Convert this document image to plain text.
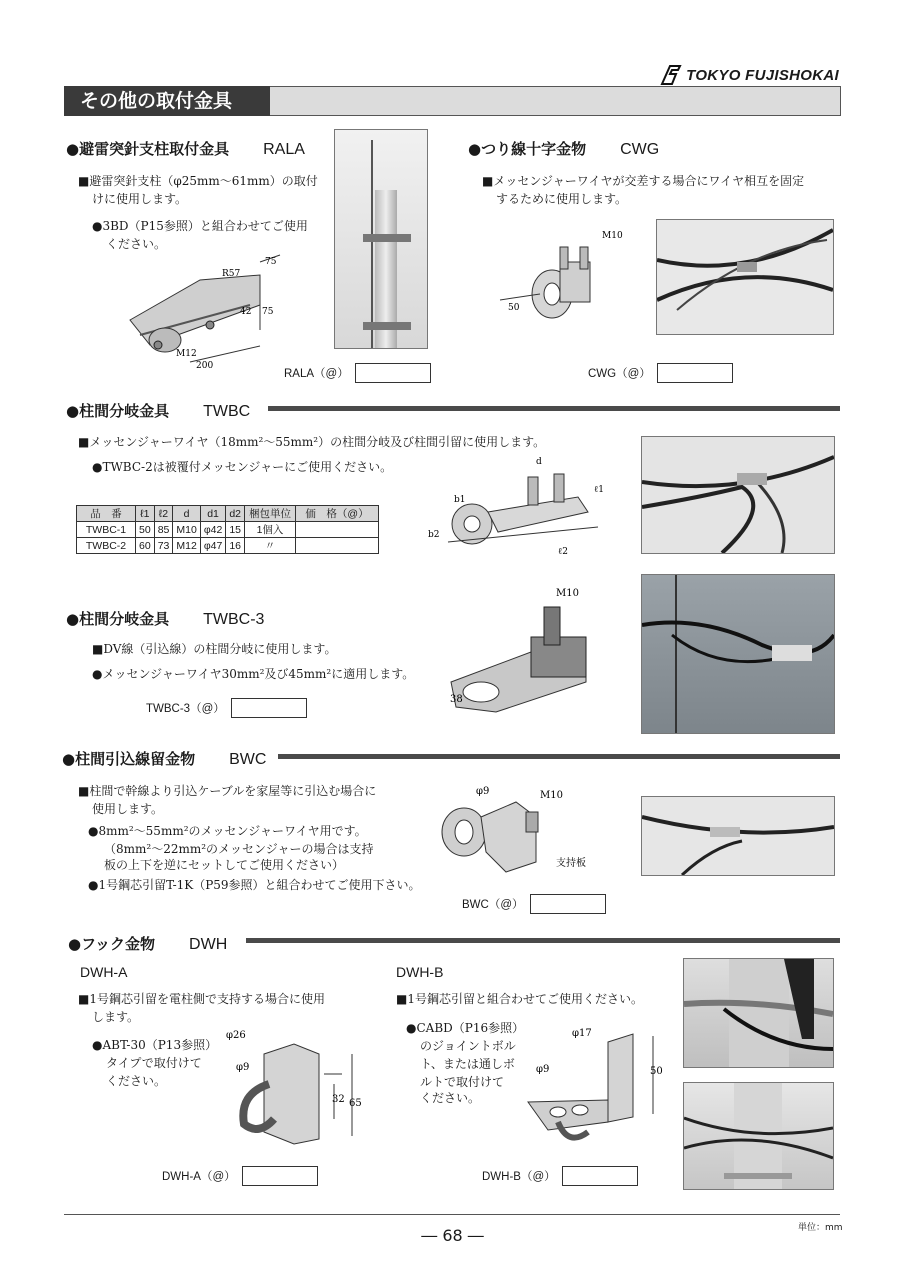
TOKYO FUJISHOKAI
その他の取付金具
●避雷突針支柱取付金具 RALA
■避雷突針支柱（φ25mm～61mm）の取付
けに使用します。
●3BD（P15参照）と組合わせてご使用
ください。
75
R57
42 75
M12
200
RALA（@）
●つり線十字金物 CWG
■メッセンジャーワイヤが交差する場合にワイヤ相互を固定
するために使用します。
M10
50
CWG（@）
●柱間分岐金具 TWBC
■メッセンジャーワイヤ（18mm²～55mm²）の柱間分岐及び柱間引留に使用します。
●TWBC-2は被覆付メッセンジャーにご使用ください。
品　番	ℓ1	ℓ2	d	d1	d2	梱包単位	価　格（@）
TWBC-1	50	85	M10	φ42	15	1個入	
TWBC-2	60	73	M12	φ47	16	〃	
d
b1
b2
ℓ1
ℓ2
●柱間分岐金具 TWBC-3
■DV線（引込線）の柱間分岐に使用します。
●メッセンジャーワイヤ30mm²及び45mm²に適用します。
TWBC-3（@）
M10
38
●柱間引込線留金物 BWC
■柱間で幹線より引込ケーブルを家屋等に引込む場合に
使用します。
●8mm²～55mm²のメッセンジャーワイヤ用です。
（8mm²～22mm²のメッセンジャーの場合は支持
板の上下を逆にセットしてご使用ください）
●1号鋼芯引留T-1K（P59参照）と組合わせてご使用下さい。
φ9	M10
支持板
BWC（@）
●フック金物 DWH
DWH-A
■1号鋼芯引留を電柱側で支持する場合に使用
します。
●ABT-30（P13参照）
タイプで取付けて
ください。
φ26
φ9
32 65
DWH-A（@）
DWH-B
■1号鋼芯引留と組合わせてご使用ください。
●CABD（P16参照）
のジョイントボル
ト、または通しボ
ルトで取付けて
ください。
φ17
φ9	50
DWH-B（@）
単位：mm
― 68 ―
